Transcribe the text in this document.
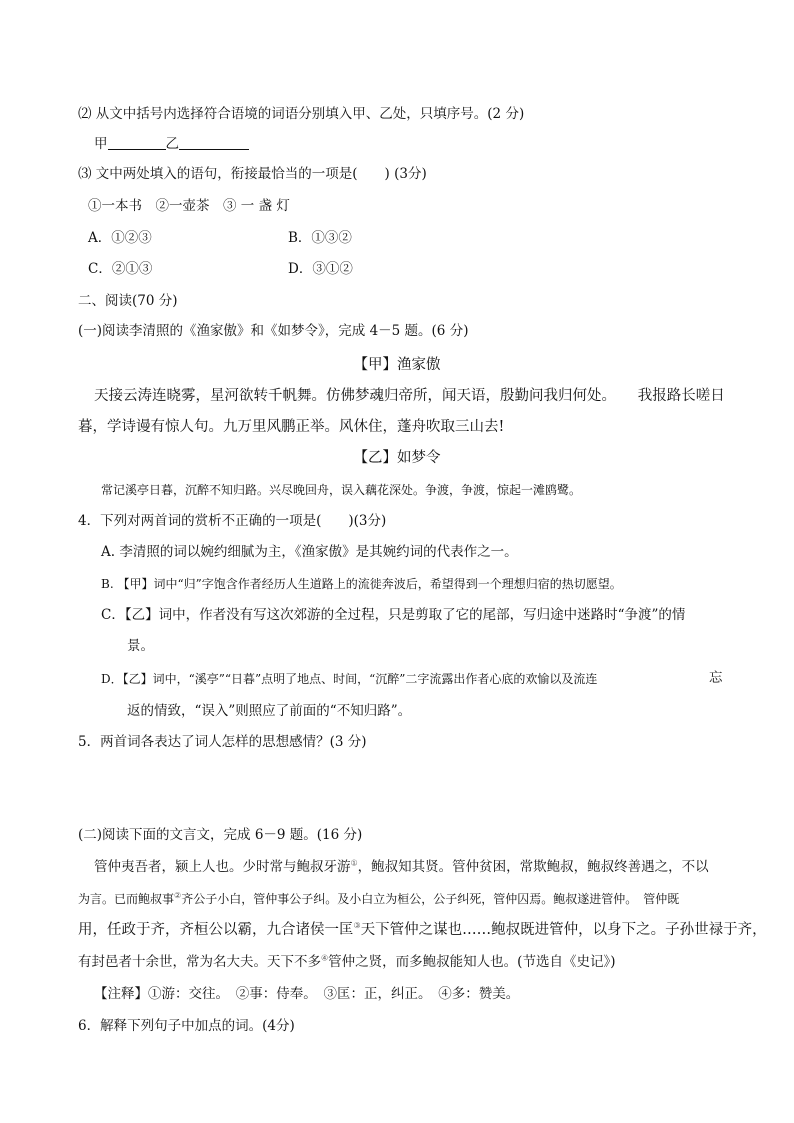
⑵ 从文中括号内选择符合语境的词语分别填入甲、乙处，只填序号。(2 分)
甲	乙
⑶ 文中两处填入的语句，衔接最恰当的一项是(　　) (3分)
①一本书　②一壶茶　③ 一 盏 灯
A．①②③	B．①③②
C．②①③	D．③①②
二、阅读(70 分)
(一)阅读李清照的《渔家傲》和《如梦令》，完成 4－5 题。(6 分)
【甲】渔家傲
天接云涛连晓雾，星河欲转千帆舞。仿佛梦魂归帝所，闻天语，殷勤问我归何处。　　我报路长嗟日
暮，学诗谩有惊人句。九万里风鹏正举。风休住，蓬舟吹取三山去!
【乙】如梦令
常记溪亭日暮，沉醉不知归路。兴尽晚回舟，误入藕花深处。争渡，争渡，惊起一滩鸥鹭。
4．下列对两首词的赏析不正确的一项是(　　)(3分)
A. 李清照的词以婉约细腻为主，《渔家傲》是其婉约词的代表作之一。
B. 【甲】词中“归”字饱含作者经历人生道路上的流徙奔波后，希望得到一个理想归宿的热切愿望。
C．【乙】词中，作者没有写这次郊游的全过程，只是剪取了它的尾部，写归途中迷路时“争渡”的情
景。
D．【乙】词中，“溪亭”“日暮”点明了地点、时间，“沉醉”二字流露出作者心底的欢愉以及流连	忘
返的情致，“误入”则照应了前面的“不知归路”。
5．两首词各表达了词人怎样的思想感情？(3 分)
(二)阅读下面的文言文，完成 6－9 题。(16 分)
管仲夷吾者，颍上人也。少时常与鲍叔牙游①，鲍叔知其贤。管仲贫困，常欺鲍叔，鲍叔终善遇之，不以
为言。已而鲍叔事②齐公子小白，管仲事公子纠。及小白立为桓公，公子纠死，管仲囚焉。鲍叔遂进管仲。　管仲既
用，任政于齐，齐桓公以霸，九合诸侯一匡③天下管仲之谋也……鲍叔既进管仲，以身下之。子孙世禄于齐，
有封邑者十余世，常为名大夫。天下不多④管仲之贤，而多鲍叔能知人也。(节选自《史记》)
【注释】①游：交往。　②事：侍奉。　③匡：正，纠正。　④多：赞美。
6．解释下列句子中加点的词。(4分)
